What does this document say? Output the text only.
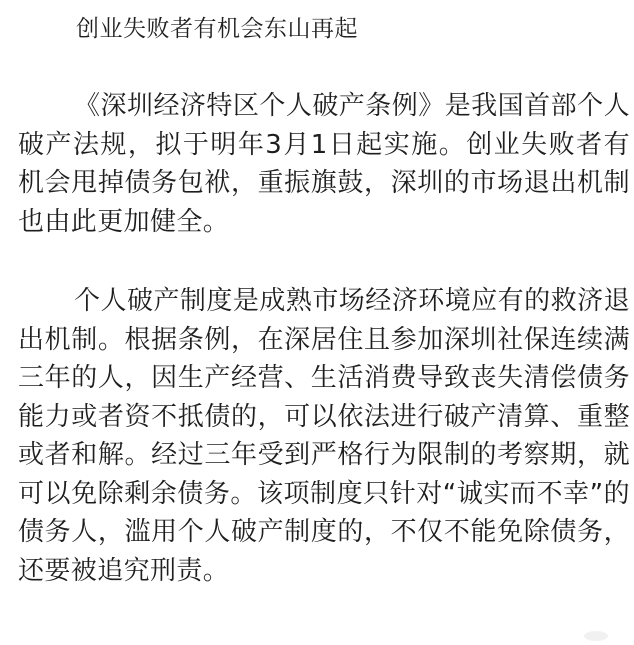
创业失败者有机会东山再起

《深圳经济特区个人破产条例》是我国首部个人破产法规，拟于明年3月1日起实施。创业失败者有机会甩掉债务包袱，重振旗鼓，深圳的市场退出机制也由此更加健全。

个人破产制度是成熟市场经济环境应有的救济退出机制。根据条例，在深居住且参加深圳社保连续满三年的人，因生产经营、生活消费导致丧失清偿债务能力或者资不抵债的，可以依法进行破产清算、重整或者和解。经过三年受到严格行为限制的考察期，就可以免除剩余债务。该项制度只针对“诚实而不幸”的债务人，滥用个人破产制度的，不仅不能免除债务，还要被追究刑责。
